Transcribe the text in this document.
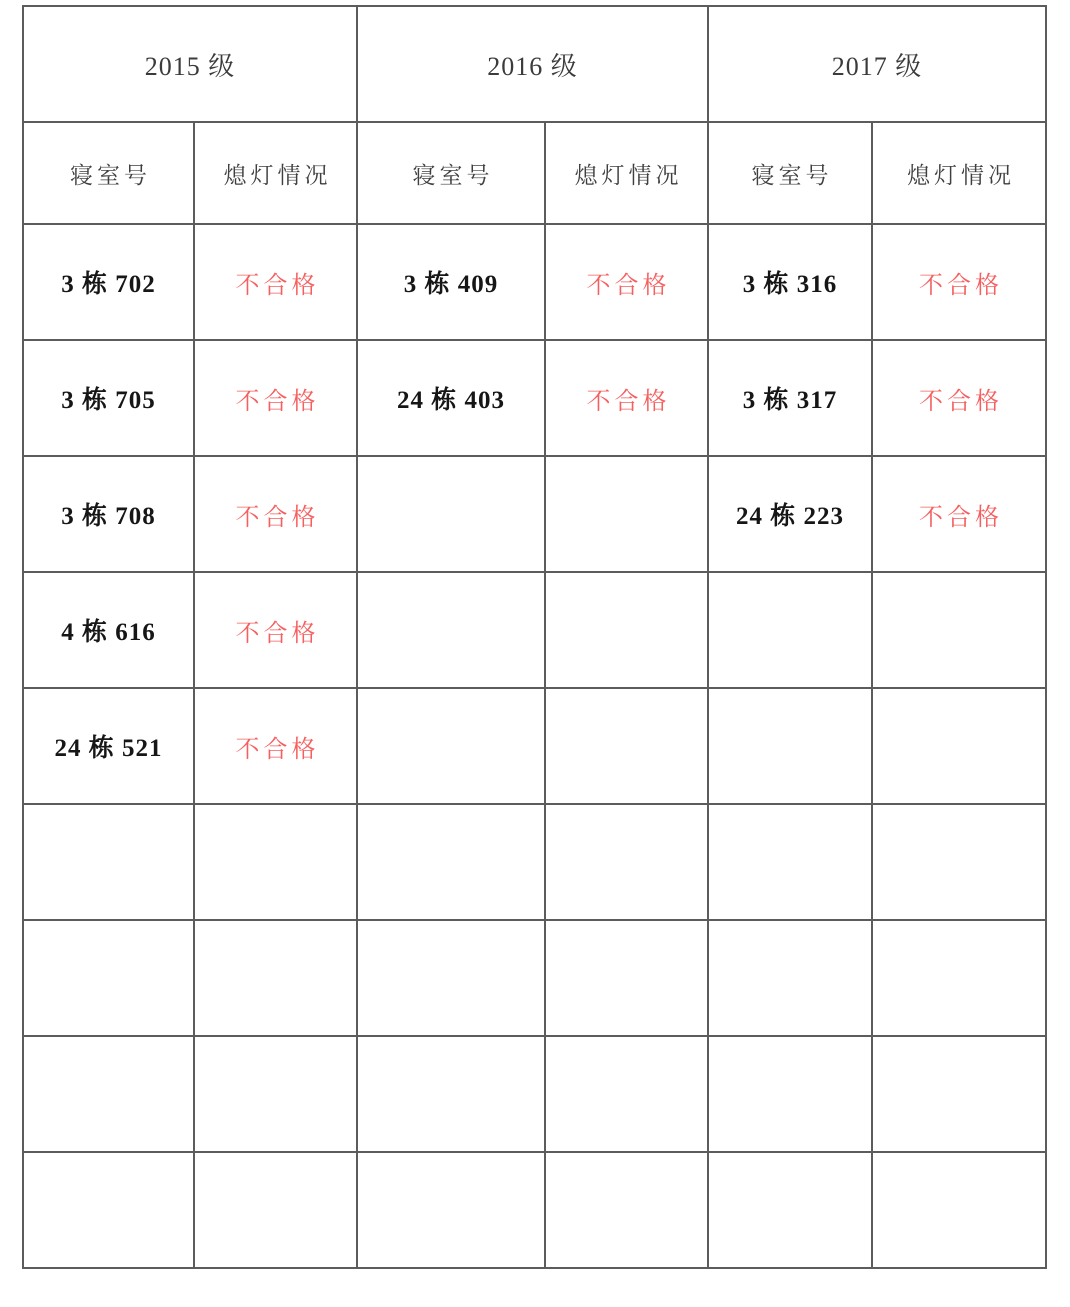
2015 级		2016 级		2017 级	
寝室号	熄灯情况	寝室号	熄灯情况	寝室号	熄灯情况
3 栋 702	不合格	3 栋 409	不合格	3 栋 316	不合格
3 栋 705	不合格	24 栋 403	不合格	3 栋 317	不合格
3 栋 708	不合格			24 栋 223	不合格
4 栋 616	不合格				
24 栋 521	不合格				
